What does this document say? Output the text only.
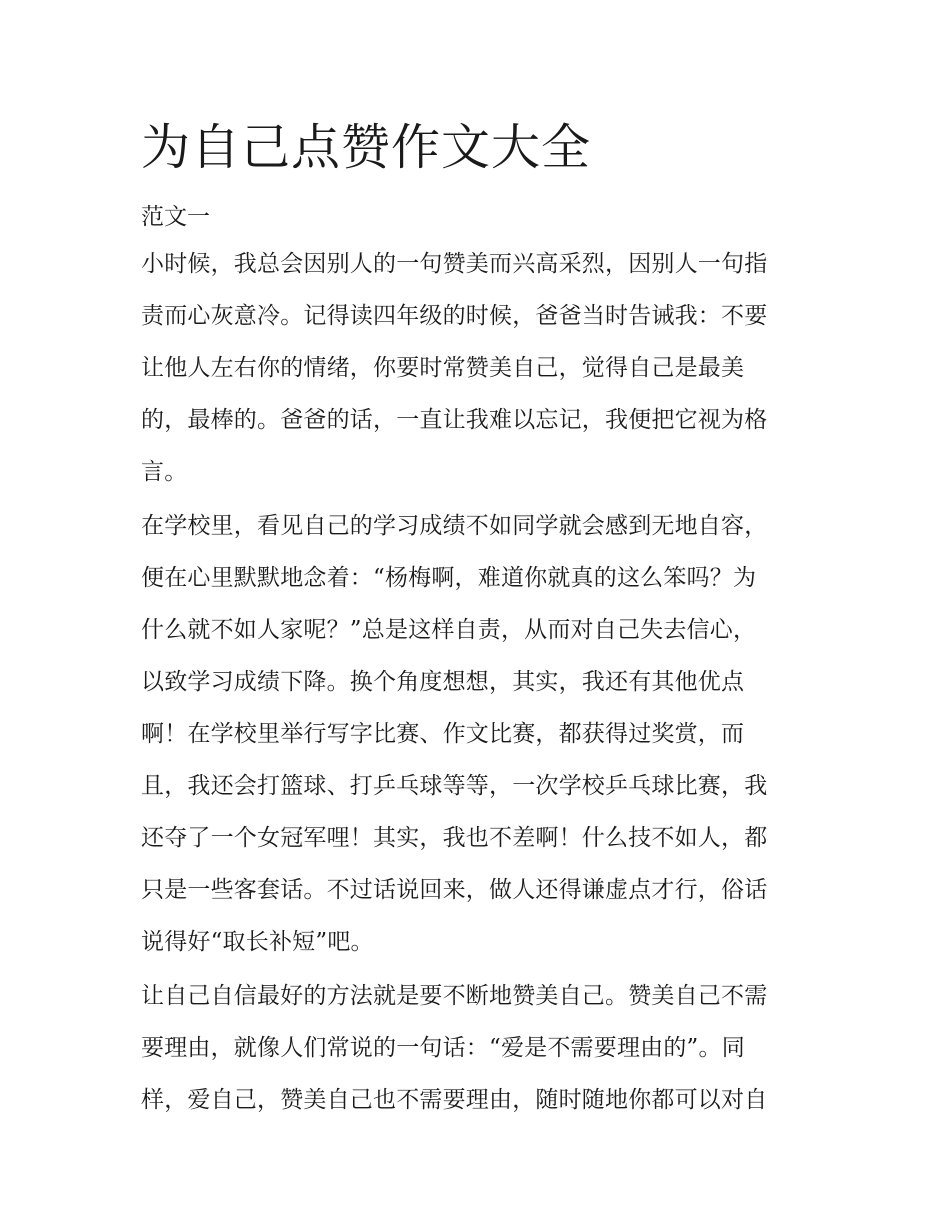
为自己点赞作文大全
范文一
小时候，我总会因别人的一句赞美而兴高采烈，因别人一句指
责而心灰意冷。记得读四年级的时候，爸爸当时告诫我：不要
让他人左右你的情绪，你要时常赞美自己，觉得自己是最美
的，最棒的。爸爸的话，一直让我难以忘记，我便把它视为格
言。
在学校里，看见自己的学习成绩不如同学就会感到无地自容，
便在心里默默地念着：“杨梅啊，难道你就真的这么笨吗？为
什么就不如人家呢？”总是这样自责，从而对自己失去信心，
以致学习成绩下降。换个角度想想，其实，我还有其他优点
啊！在学校里举行写字比赛、作文比赛，都获得过奖赏，而
且，我还会打篮球、打乒乓球等等，一次学校乒乓球比赛，我
还夺了一个女冠军哩！其实，我也不差啊！什么技不如人，都
只是一些客套话。不过话说回来，做人还得谦虚点才行，俗话
说得好“取长补短”吧。
让自己自信最好的方法就是要不断地赞美自己。赞美自己不需
要理由，就像人们常说的一句话：“爱是不需要理由的”。同
样，爱自己，赞美自己也不需要理由，随时随地你都可以对自
